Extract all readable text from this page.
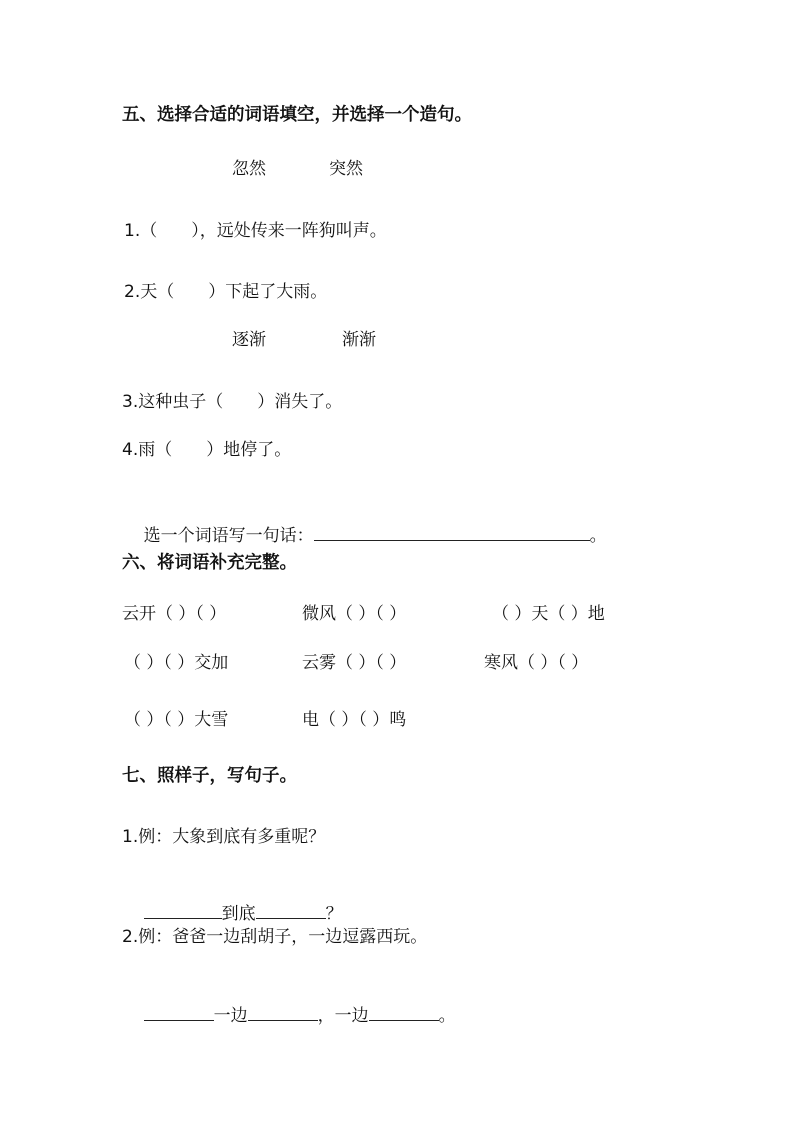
五、选择合适的词语填空，并选择一个造句。
忽然	突然
1.（　　），远处传来一阵狗叫声。
2.天（　　）下起了大雨。
逐渐	渐渐
3.这种虫子（　　）消失了。
4.雨（　　）地停了。

选一个词语写一句话：	。

六、将词语补充完整。
云开（ ）（ ）	微风（ ）（ ）	（ ）天（ ）地
（ ）（ ）交加	云雾（ ）（ ）	寒风（ ）（ ）
（ ）（ ）大雪	电（ ）（ ）鸣
七、照样子，写句子。
1.例：大象到底有多重呢？

到底	？

2.例：爸爸一边刮胡子，一边逗露西玩。

一边	，一边	。
